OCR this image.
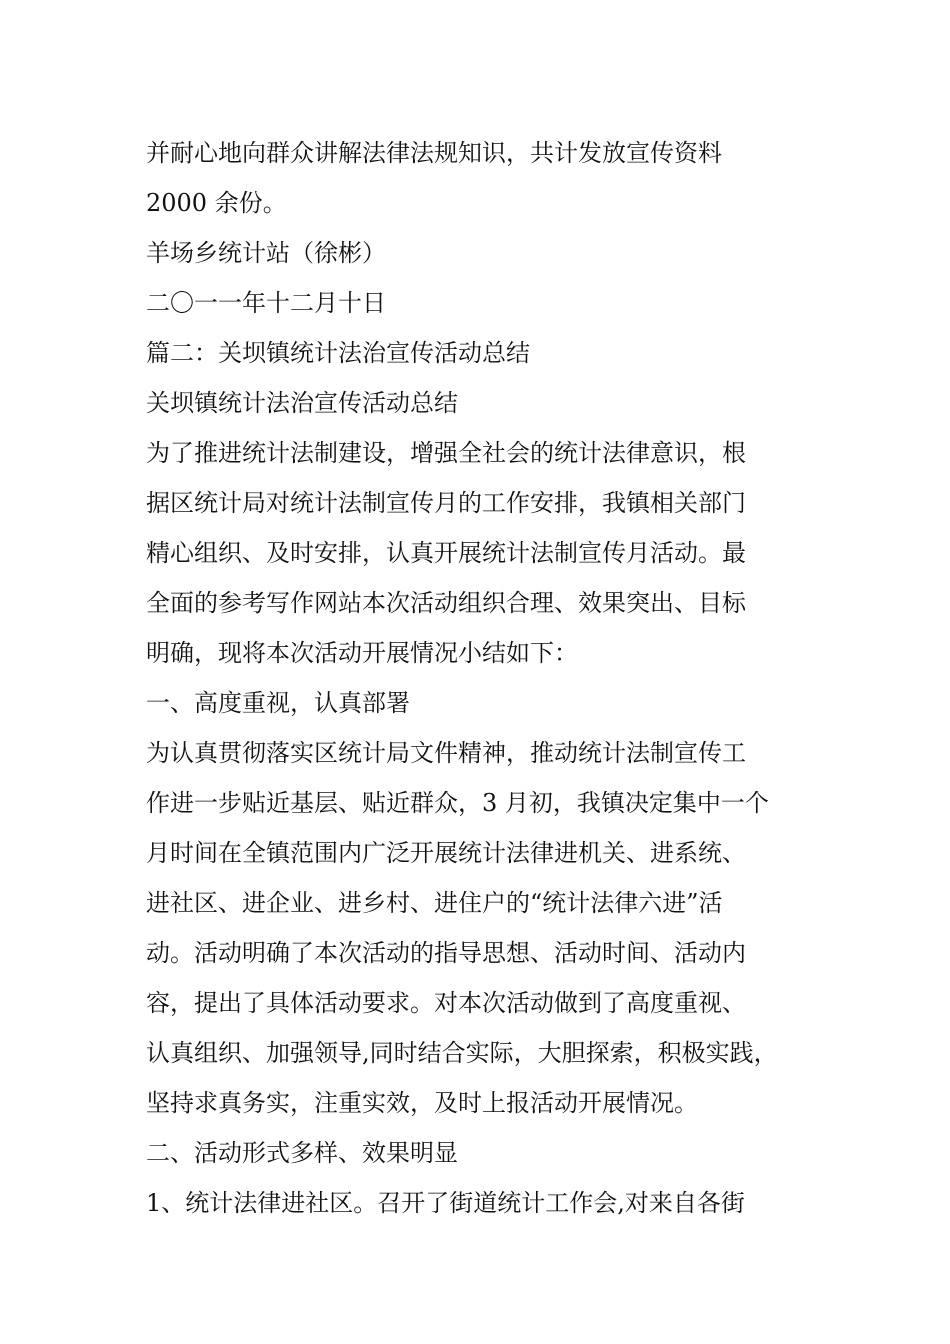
并耐心地向群众讲解法律法规知识，共计发放宣传资料
2000 余份。
羊场乡统计站（徐彬）
二〇一一年十二月十日
篇二：关坝镇统计法治宣传活动总结
关坝镇统计法治宣传活动总结
为了推进统计法制建设，增强全社会的统计法律意识，根
据区统计局对统计法制宣传月的工作安排，我镇相关部门
精心组织、及时安排，认真开展统计法制宣传月活动。最
全面的参考写作网站本次活动组织合理、效果突出、目标
明确，现将本次活动开展情况小结如下：
一、高度重视，认真部署
为认真贯彻落实区统计局文件精神，推动统计法制宣传工
作进一步贴近基层、贴近群众，3 月初，我镇决定集中一个
月时间在全镇范围内广泛开展统计法律进机关、进系统、
进社区、进企业、进乡村、进住户的“统计法律六进”活
动。活动明确了本次活动的指导思想、活动时间、活动内
容，提出了具体活动要求。对本次活动做到了高度重视、
认真组织、加强领导,同时结合实际，大胆探索，积极实践，
坚持求真务实，注重实效，及时上报活动开展情况。
二、活动形式多样、效果明显
1、统计法律进社区。召开了街道统计工作会,对来自各街
